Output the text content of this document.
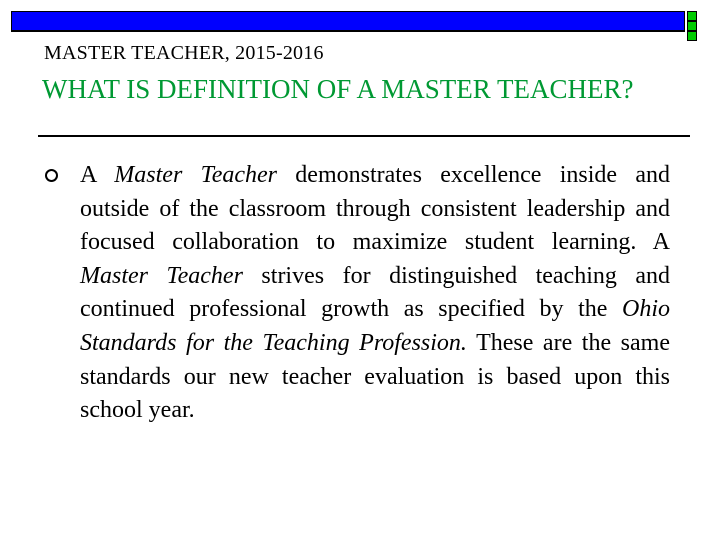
MASTER TEACHER, 2015-2016
WHAT IS DEFINITION OF A MASTER TEACHER?
A Master Teacher demonstrates excellence inside and outside of the classroom through consistent leadership and focused collaboration to maximize student learning. A Master Teacher strives for distinguished teaching and continued professional growth as specified by the Ohio Standards for the Teaching Profession. These are the same standards our new teacher evaluation is based upon this school year.
